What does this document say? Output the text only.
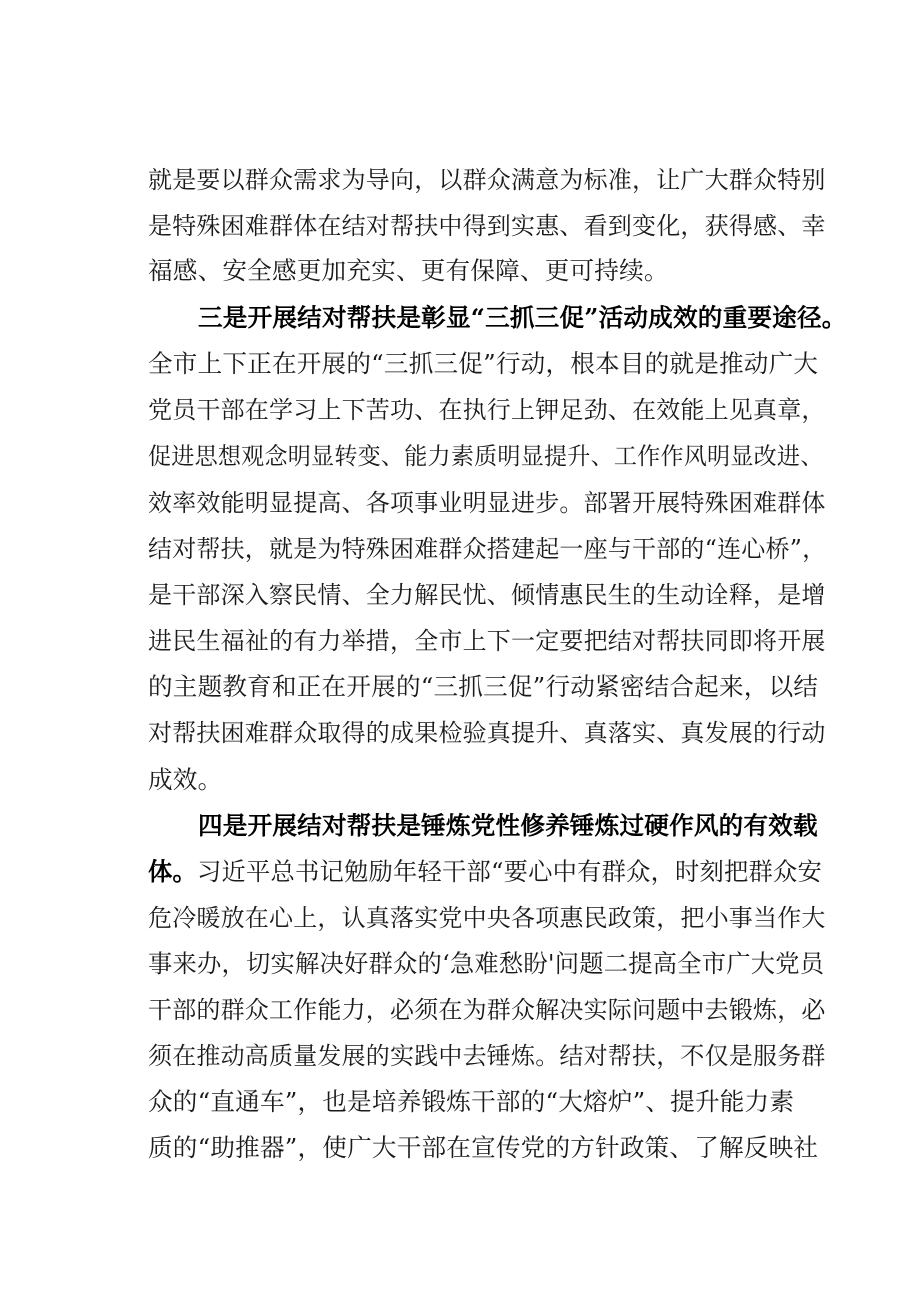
就是要以群众需求为导向，以群众满意为标准，让广大群众特别
是特殊困难群体在结对帮扶中得到实惠、看到变化，获得感、幸
福感、安全感更加充实、更有保障、更可持续。
三是开展结对帮扶是彰显“三抓三促”活动成效的重要途径。
全市上下正在开展的“三抓三促”行动，根本目的就是推动广大
党员干部在学习上下苦功、在执行上钾足劲、在效能上见真章，
促进思想观念明显转变、能力素质明显提升、工作作风明显改进、
效率效能明显提高、各项事业明显进步。部署开展特殊困难群体
结对帮扶，就是为特殊困难群众搭建起一座与干部的“连心桥”，
是干部深入察民情、全力解民忧、倾情惠民生的生动诠释，是增
进民生福祉的有力举措，全市上下一定要把结对帮扶同即将开展
的主题教育和正在开展的“三抓三促”行动紧密结合起来，以结
对帮扶困难群众取得的成果检验真提升、真落实、真发展的行动
成效。
四是开展结对帮扶是锤炼党性修养锤炼过硬作风的有效载
体。习近平总书记勉励年轻干部“要心中有群众，时刻把群众安
危冷暖放在心上，认真落实党中央各项惠民政策，把小事当作大
事来办，切实解决好群众的‘急难愁盼'问题二提高全市广大党员
干部的群众工作能力，必须在为群众解决实际问题中去锻炼，必
须在推动高质量发展的实践中去锤炼。结对帮扶，不仅是服务群
众的“直通车”，也是培养锻炼干部的“大熔炉”、提升能力素
质的“助推器”，使广大干部在宣传党的方针政策、了解反映社
